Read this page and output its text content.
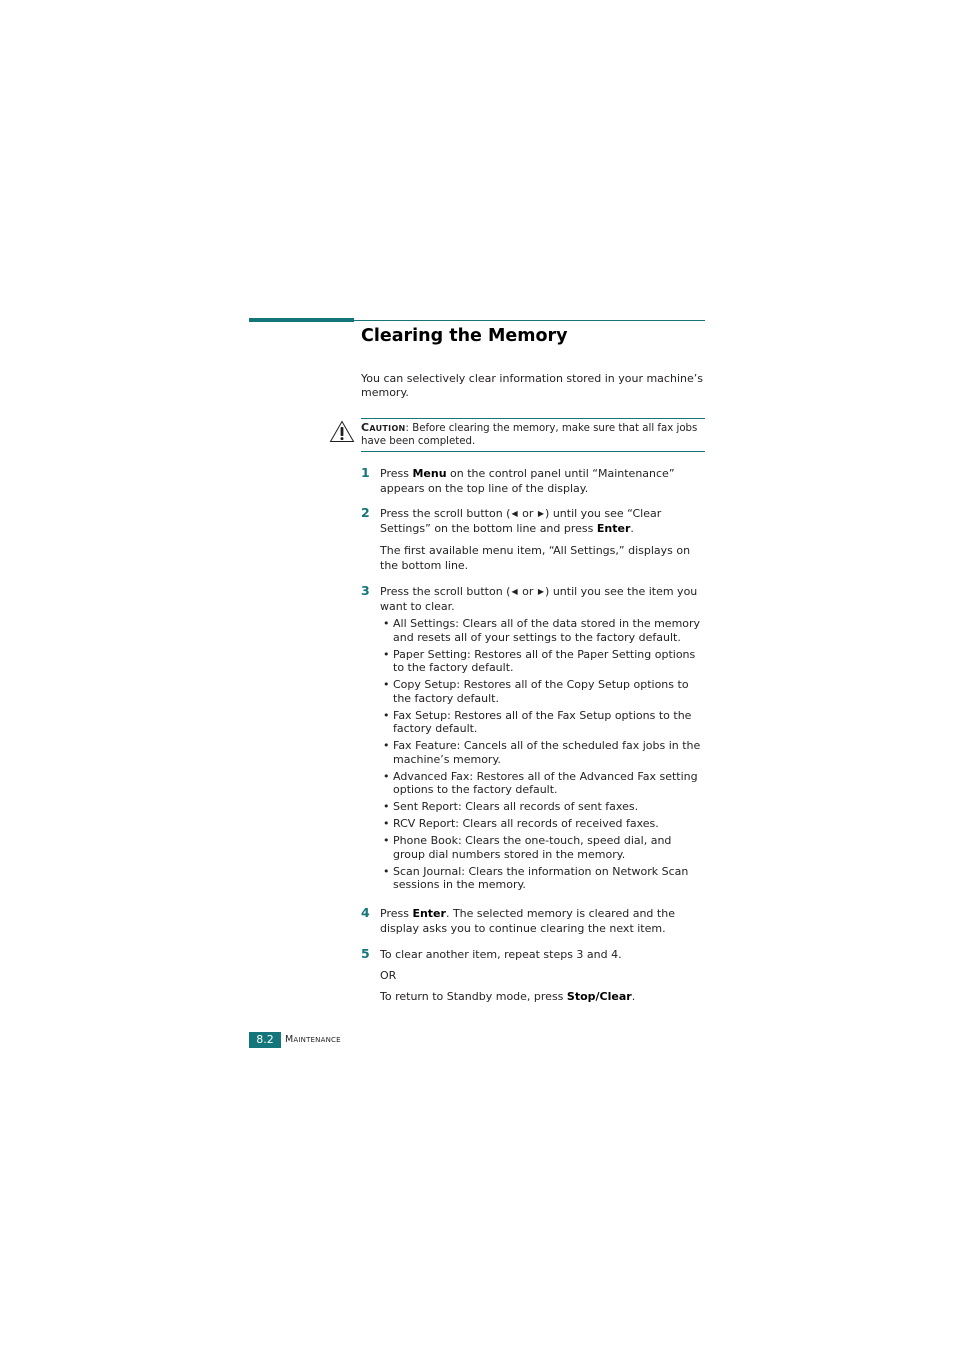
Clearing the Memory

You can selectively clear information stored in your machine’s memory.

Caution: Before clearing the memory, make sure that all fax jobs have been completed.
1 Press Menu on the control panel until “Maintenance” appears on the top line of the display.

2 Press the scroll button (◀ or ▶) until you see “Clear Settings” on the bottom line and press Enter.

The first available menu item, “All Settings,” displays on the bottom line.

3 Press the scroll button (◀ or ▶) until you see the item you want to clear.

• All Settings: Clears all of the data stored in the memory and resets all of your settings to the factory default.
• Paper Setting: Restores all of the Paper Setting options to the factory default.
• Copy Setup: Restores all of the Copy Setup options to the factory default.
• Fax Setup: Restores all of the Fax Setup options to the factory default.
• Fax Feature: Cancels all of the scheduled fax jobs in the machine’s memory.
• Advanced Fax: Restores all of the Advanced Fax setting options to the factory default.
• Sent Report: Clears all records of sent faxes.
• RCV Report: Clears all records of received faxes.
• Phone Book: Clears the one-touch, speed dial, and group dial numbers stored in the memory.
• Scan Journal: Clears the information on Network Scan sessions in the memory.
4 Press Enter. The selected memory is cleared and the display asks you to continue clearing the next item.

5 To clear another item, repeat steps 3 and 4.

OR

To return to Standby mode, press Stop/Clear.

8.2	Maintenance
